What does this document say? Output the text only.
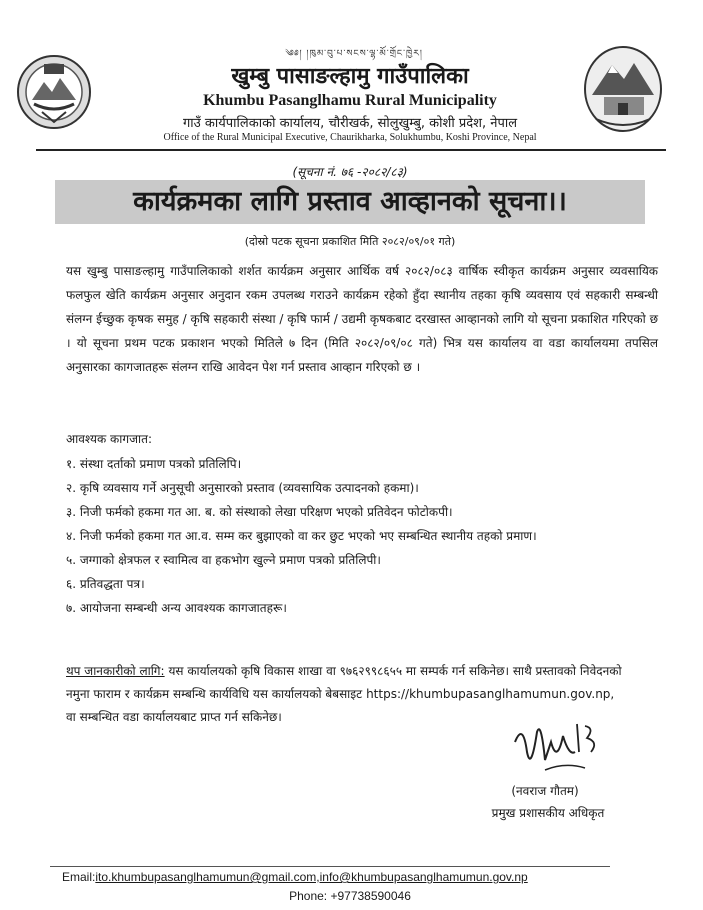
༄༅། །ཁུམ་བུ་པ་སངས་ལྷ་མོ་གྲོང་ཁྱེར།
खुम्बु पासाङल्हामु गाउँपालिका
Khumbu Pasanglhamu Rural Municipality
गाउँ कार्यपालिकाको कार्यालय, चौरीखर्क, सोलुखुम्बु, कोशी प्रदेश, नेपाल
Office of the Rural Municipal Executive, Chaurikharka, Solukhumbu, Koshi Province, Nepal
(सूचना नं. ७६ -२०८२/८३)
कार्यक्रमका लागि प्रस्ताव आव्हानको सूचना।।
(दोस्रो पटक सूचना प्रकाशित मिति २०८२/०९/०१ गते)
यस खुम्बु पासाङल्हामु गाउँपालिकाको शर्शत कार्यक्रम अनुसार आर्थिक वर्ष २०८२/०८३ वार्षिक स्वीकृत कार्यक्रम अनुसार व्यवसायिक फलफुल खेति कार्यक्रम अनुसार अनुदान रकम उपलब्ध गराउने कार्यक्रम रहेको हुँदा स्थानीय तहका कृषि व्यवसाय एवं सहकारी सम्बन्धी संलग्न ईच्छुक कृषक समुह / कृषि सहकारी संस्था / कृषि फार्म / उद्यमी कृषकबाट दरखास्त आव्हानको लागि यो सूचना प्रकाशित गरिएको छ । यो सूचना प्रथम पटक प्रकाशन भएको मितिले ७ दिन (मिति २०८२/०९/०८ गते) भित्र यस कार्यालय वा वडा कार्यालयमा तपसिल अनुसारका कागजातहरू संलग्न राखि आवेदन पेश गर्न प्रस्ताव आव्हान गरिएको छ ।
आवश्यक कागजात:
१. संस्था दर्ताको प्रमाण पत्रको प्रतिलिपि।
२. कृषि व्यवसाय गर्ने अनुसूची अनुसारको प्रस्ताव (व्यवसायिक उत्पादनको हकमा)।
३. निजी फर्मको हकमा गत आ. ब. को संस्थाको लेखा परिक्षण भएको प्रतिवेदन फोटोकपी।
४. निजी फर्मको हकमा गत आ.व. सम्म कर बुझाएको वा कर छुट भएको भए सम्बन्धित स्थानीय तहको प्रमाण।
५. जग्गाको क्षेत्रफल र स्वामित्व वा हकभोग खुल्ने प्रमाण पत्रको प्रतिलिपी।
६. प्रतिवद्धता पत्र।
७. आयोजना सम्बन्धी अन्य आवश्यक कागजातहरू।
थप जानकारीको लागि: यस कार्यालयको कृषि विकास शाखा वा ९७६२९९८६५५ मा सम्पर्क गर्न सकिनेछ। साथै प्रस्तावको निवेदनको नमुना फाराम र कार्यक्रम सम्बन्धि कार्यविधि यस कार्यालयको बेबसाइट https://khumbupasanglhamumun.gov.np, वा सम्बन्धित वडा कार्यालयबाट प्राप्त गर्न सकिनेछ।
(नवराज गौतम)
प्रमुख प्रशासकीय अधिकृत
Email:ito.khumbupasanglhamumun@gmail.com,info@khumbupasanglhamumun.gov.np
Phone: +97738590046
